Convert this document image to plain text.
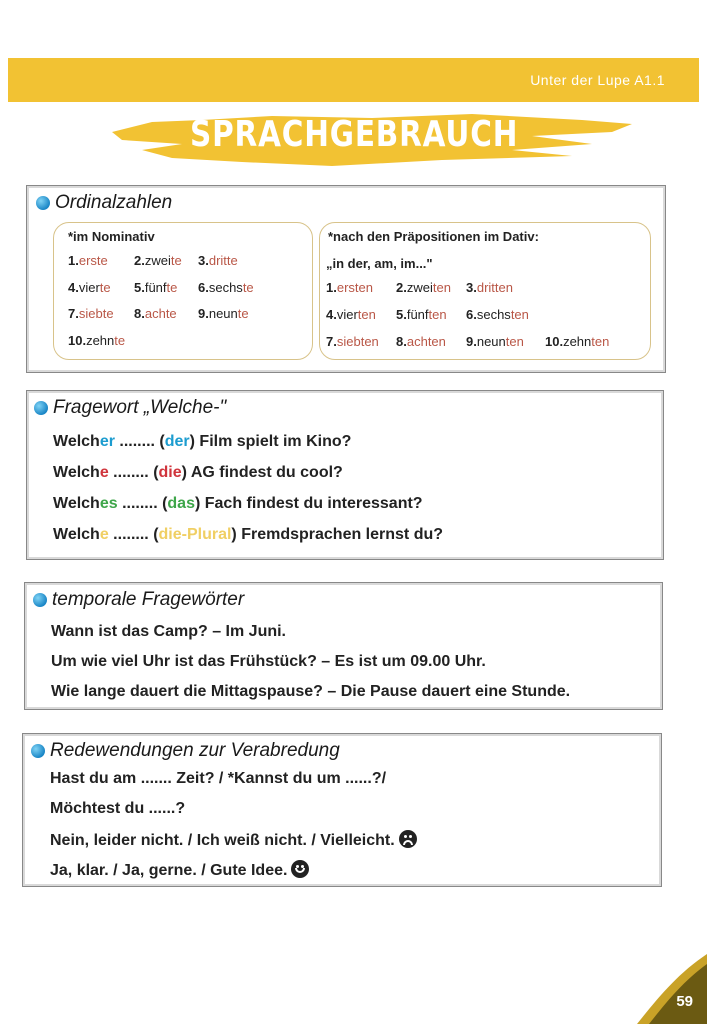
Unter der Lupe A1.1
SPRACHGEBRAUCH
Ordinalzahlen
*im Nominativ
1.erste 2.zweite 3.dritte
4.vierte 5.fünfte 6.sechste
7.siebte 8.achte 9.neunte
10.zehnte
*nach den Präpositionen im Dativ:
„in der, am, im..."
1.ersten 2.zweiten 3.dritten
4.vierten 5.fünften 6.sechsten
7.siebten 8.achten 9.neunten 10.zehnten
Fragewort „Welche-"
Welcher ........ (der) Film spielt im Kino?
Welche ........ (die) AG findest du cool?
Welches ........ (das) Fach findest du interessant?
Welche ........ (die-Plural) Fremdsprachen lernst du?
temporale Fragewörter
Wann ist das Camp? – Im Juni.
Um wie viel Uhr ist das Frühstück? – Es ist um 09.00 Uhr.
Wie lange dauert die Mittagspause? – Die Pause dauert eine Stunde.
Redewendungen zur Verabredung
Hast du am ....... Zeit? / *Kannst du um ......?/
Möchtest du ......?
Nein, leider nicht. / Ich weiß nicht. / Vielleicht.
Ja, klar. / Ja, gerne. / Gute Idee.
59
